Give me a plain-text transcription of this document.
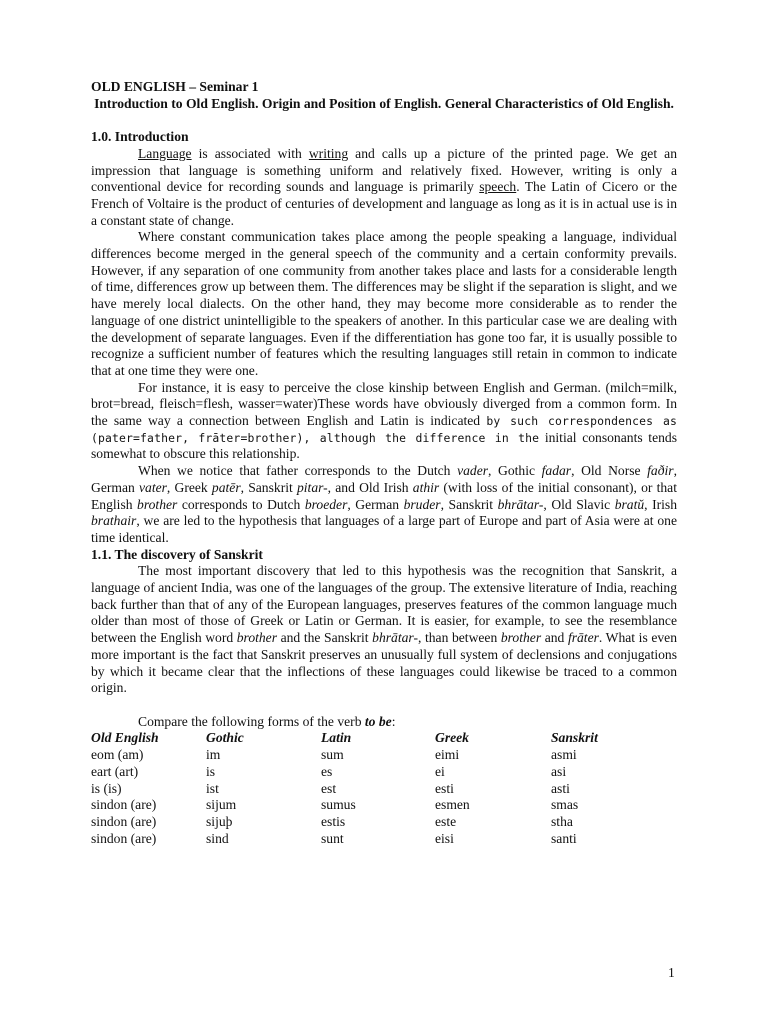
OLD ENGLISH – Seminar 1

Introduction to Old English. Origin and Position of English. General Characteristics of Old English.

1.0. Introduction

Language is associated with writing and calls up a picture of the printed page. We get an impression that language is something uniform and relatively fixed. However, writing is only a conventional device for recording sounds and language is primarily speech. The Latin of Cicero or the French of Voltaire is the product of centuries of development and language as long as it is in actual use is in a constant state of change.

Where constant communication takes place among the people speaking a language, individual differences become merged in the general speech of the community and a certain conformity prevails. However, if any separation of one community from another takes place and lasts for a considerable length of time, differences grow up between them. The differences may be slight if the separation is slight, and we have merely local dialects. On the other hand, they may become more considerable as to render the language of one district unintelligible to the speakers of another. In this particular case we are dealing with the development of separate languages. Even if the differentiation has gone too far, it is usually possible to recognize a sufficient number of features which the resulting languages still retain in common to indicate that at one time they were one.

For instance, it is easy to perceive the close kinship between English and German. (milch=milk, brot=bread, fleisch=flesh, wasser=water)These words have obviously diverged from a common form. In the same way a connection between English and Latin is indicated by such correspondences as (pater=father, frāter=brother), although the difference in the initial consonants tends somewhat to obscure this relationship.

When we notice that father corresponds to the Dutch vader, Gothic fadar, Old Norse faðir, German vater, Greek patēr, Sanskrit pitar-, and Old Irish athir (with loss of the initial consonant), or that English brother corresponds to Dutch broeder, German bruder, Sanskrit bhrātar-, Old Slavic bratŭ, Irish brathair, we are led to the hypothesis that languages of a large part of Europe and part of Asia were at one time identical.

1.1. The discovery of Sanskrit

The most important discovery that led to this hypothesis was the recognition that Sanskrit, a language of ancient India, was one of the languages of the group. The extensive literature of India, reaching back further than that of any of the European languages, preserves features of the common language much older than most of those of Greek or Latin or German. It is easier, for example, to see the resemblance between the English word brother and the Sanskrit bhrātar-, than between brother and frāter. What is even more important is the fact that Sanskrit preserves an unusually full system of declensions and conjugations by which it became clear that the inflections of these languages could likewise be traced to a common origin.

Compare the following forms of the verb to be:

Old English	Gothic	Latin	Greek	Sanskrit
eom (am)	im	sum	eimi	asmi
eart (art)	is	es	ei	asi
is (is)	ist	est	esti	asti
sindon (are)	sijum	sumus	esmen	smas
sindon (are)	sijuþ	estis	este	stha
sindon (are)	sind	sunt	eisi	santi
1
